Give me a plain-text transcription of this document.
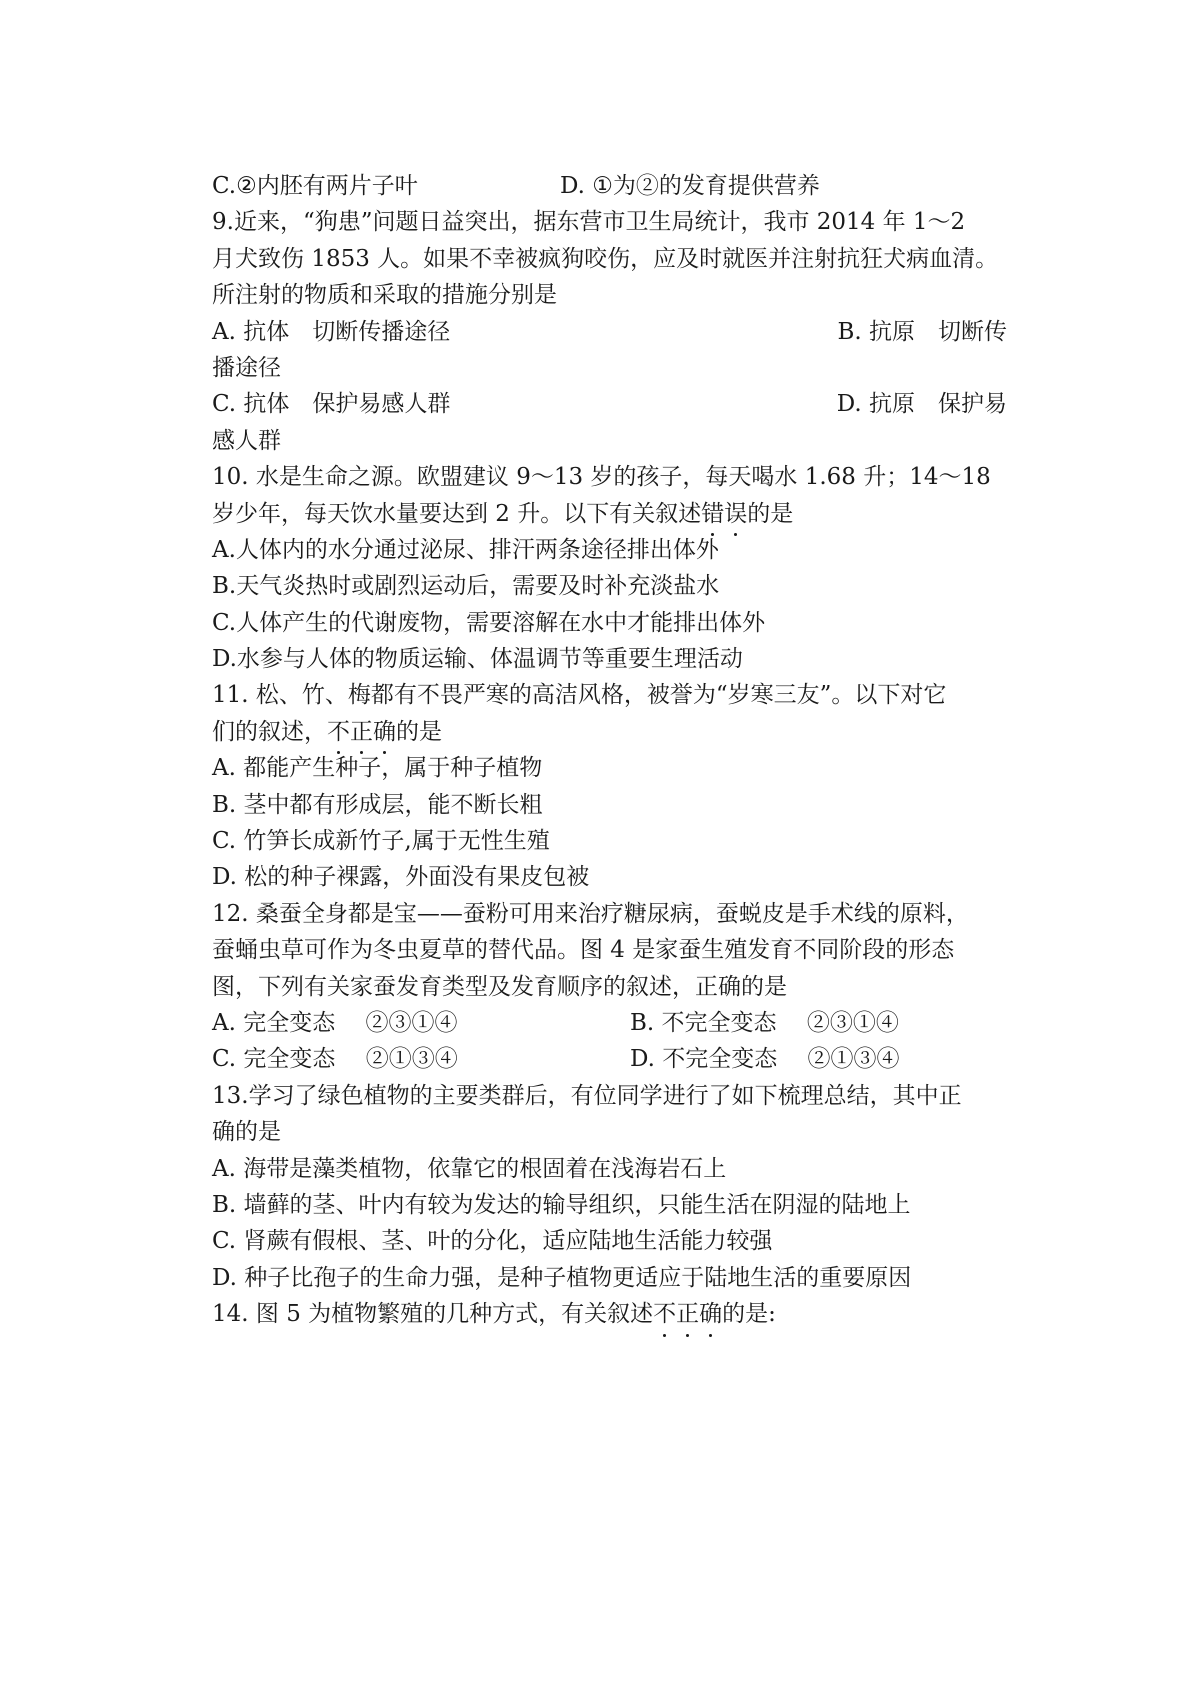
C.②内胚有两片子叶	D. ①为②的发育提供营养
9.近来，“狗患”问题日益突出，据东营市卫生局统计，我市 2014 年 1～2
月犬致伤 1853 人。如果不幸被疯狗咬伤，应及时就医并注射抗狂犬病血清。
所注射的物质和采取的措施分别是
A. 抗体　切断传播途径	B. 抗原　切断传
播途径
C. 抗体　保护易感人群	D. 抗原　保护易
感人群
10. 水是生命之源。欧盟建议 9～13 岁的孩子，每天喝水 1.68 升；14～18
岁少年，每天饮水量要达到 2 升。以下有关叙述错误的是
A.人体内的水分通过泌尿、排汗两条途径排出体外
B.天气炎热时或剧烈运动后，需要及时补充淡盐水
C.人体产生的代谢废物，需要溶解在水中才能排出体外
D.水参与人体的物质运输、体温调节等重要生理活动
11. 松、竹、梅都有不畏严寒的高洁风格，被誉为“岁寒三友”。以下对它
们的叙述，不正确的是
A. 都能产生种子，属于种子植物
B. 茎中都有形成层，能不断长粗
C. 竹笋长成新竹子,属于无性生殖
D. 松的种子裸露，外面没有果皮包被
12. 桑蚕全身都是宝——蚕粉可用来治疗糖尿病，蚕蜕皮是手术线的原料，
蚕蛹虫草可作为冬虫夏草的替代品。图 4 是家蚕生殖发育不同阶段的形态
图，下列有关家蚕发育类型及发育顺序的叙述，正确的是
A. 完全变态　 ②③①④	B. 不完全变态　 ②③①④
C. 完全变态　 ②①③④	D. 不完全变态　 ②①③④
13.学习了绿色植物的主要类群后，有位同学进行了如下梳理总结，其中正
确的是
A. 海带是藻类植物，依靠它的根固着在浅海岩石上
B. 墙藓的茎、叶内有较为发达的输导组织，只能生活在阴湿的陆地上
C. 肾蕨有假根、茎、叶的分化，适应陆地生活能力较强
D. 种子比孢子的生命力强，是种子植物更适应于陆地生活的重要原因
14. 图 5 为植物繁殖的几种方式，有关叙述不正确的是:
